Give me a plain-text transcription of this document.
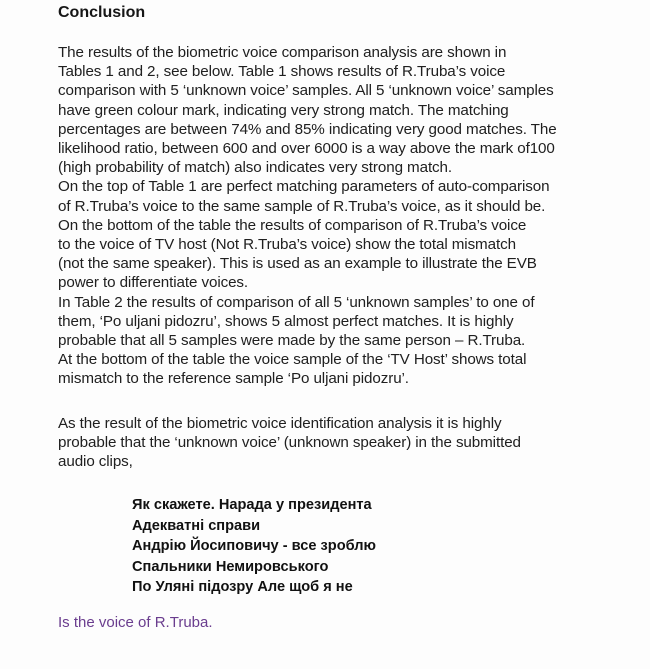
Conclusion
The results of the biometric voice comparison analysis are shown in
Tables 1 and 2, see below. Table 1 shows results of R.Truba’s voice
comparison with 5 ‘unknown voice’ samples. All 5 ‘unknown voice’ samples
have green colour mark, indicating very strong match. The matching
percentages are between 74% and 85% indicating very good matches. The
likelihood ratio, between 600 and over 6000 is a way above the mark of100
(high probability of match) also indicates very strong match.
On the top of Table 1 are perfect matching parameters of auto-comparison
of R.Truba’s voice to the same sample of R.Truba’s voice, as it should be.
On the bottom of the table the results of comparison of R.Truba’s voice
to the voice of TV host (Not R.Truba’s voice) show the total mismatch
(not the same speaker). This is used as an example to illustrate the EVB
power to differentiate voices.
In Table 2 the results of comparison of all 5 ‘unknown samples’ to one of
them, ‘Po uljani pidozru’, shows 5 almost perfect matches. It is highly
probable that all 5 samples were made by the same person – R.Truba.
At the bottom of the table the voice sample of the ‘TV Host’ shows total
mismatch to the reference sample ‘Po uljani pidozru’.
As the result of the biometric voice identification analysis it is highly
probable that the ‘unknown voice’ (unknown speaker) in the submitted
audio clips,
Як скажете. Нарада у президента
Адекватні справи
Андрію Йосиповичу - все зроблю
Спальники Немировського
По Уляні підозру Але щоб я не
Is the voice of R.Truba.
